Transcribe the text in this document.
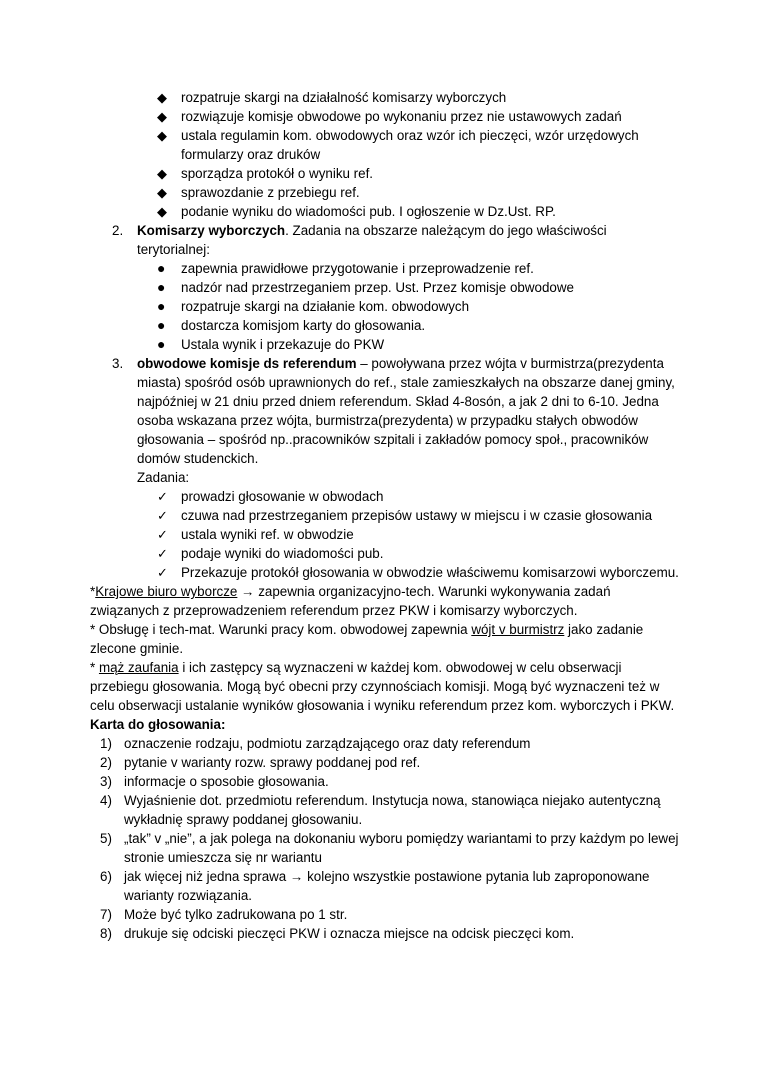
◆ rozpatruje skargi na działalność komisarzy wyborczych
◆ rozwiązuje komisje obwodowe po wykonaniu przez nie ustawowych zadań
◆ ustala regulamin kom. obwodowych oraz wzór ich pieczęci, wzór urzędowych formularzy oraz druków
◆ sporządza protokół o wyniku ref.
◆ sprawozdanie z przebiegu ref.
◆ podanie wyniku do wiadomości pub. I ogłoszenie w Dz.Ust. RP.
2. Komisarzy wyborczych. Zadania na obszarze należącym do jego właściwości terytorialnej:
● zapewnia prawidłowe przygotowanie i przeprowadzenie ref.
● nadzór nad przestrzeganiem przep. Ust. Przez komisje obwodowe
● rozpatruje skargi na działanie kom. obwodowych
● dostarcza komisjom karty do głosowania.
● Ustala wynik i przekazuje do PKW
3. obwodowe komisje ds referendum – powoływana przez wójta v burmistrza(prezydenta miasta) spośród osób uprawnionych do ref., stale zamieszkałych na obszarze danej gminy, najpóźniej w 21 dniu przed dniem referendum. Skład 4-8osón, a jak 2 dni to 6-10. Jedna osoba wskazana przez wójta, burmistrza(prezydenta) w przypadku stałych obwodów głosowania – spośród np..pracowników szpitali i zakładów pomocy społ., pracowników domów studenckich.
Zadania:
✓ prowadzi głosowanie w obwodach
✓ czuwa nad przestrzeganiem przepisów ustawy w miejscu i w czasie głosowania
✓ ustala wyniki ref. w obwodzie
✓ podaje wyniki do wiadomości pub.
✓ Przekazuje protokół głosowania w obwodzie właściwemu komisarzowi wyborczemu.

*Krajowe biuro wyborcze → zapewnia organizacyjno-tech. Warunki wykonywania zadań związanych z przeprowadzeniem referendum przez PKW i komisarzy wyborczych.

* Obsługę i tech-mat. Warunki pracy kom. obwodowej zapewnia wójt v burmistrz jako zadanie zlecone gminie.

* mąż zaufania i ich zastępcy są wyznaczeni w każdej kom. obwodowej w celu obserwacji przebiegu głosowania. Mogą być obecni przy czynnościach komisji. Mogą być wyznaczeni też w celu obserwacji ustalanie wyników głosowania i wyniku referendum przez kom. wyborczych i PKW.

Karta do głosowania:

1) oznaczenie rodzaju, podmiotu zarządzającego oraz daty referendum
2) pytanie v warianty rozw. sprawy poddanej pod ref.
3) informacje o sposobie głosowania.
4) Wyjaśnienie dot. przedmiotu referendum. Instytucja nowa, stanowiąca niejako autentyczną wykładnię sprawy poddanej głosowaniu.
5) „tak” v „nie”, a jak polega na dokonaniu wyboru pomiędzy wariantami to przy każdym po lewej stronie umieszcza się nr wariantu
6) jak więcej niż jedna sprawa → kolejno wszystkie postawione pytania lub zaproponowane warianty rozwiązania.
7) Może być tylko zadrukowana po 1 str.
8) drukuje się odciski pieczęci PKW i oznacza miejsce na odcisk pieczęci kom.
